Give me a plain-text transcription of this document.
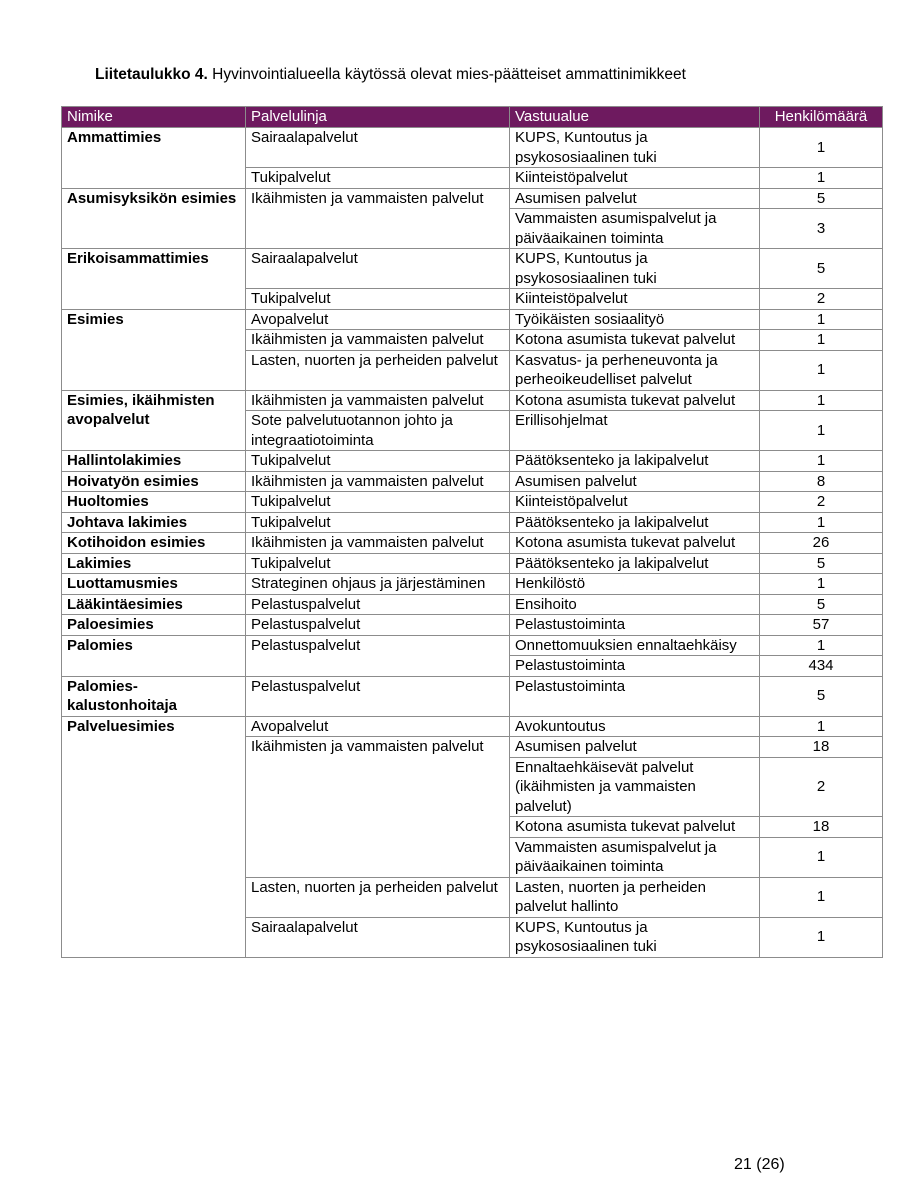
Liitetaulukko 4. Hyvinvointialueella käytössä olevat mies-päätteiset ammattinimikkeet
Nimike	Palvelulinja	Vastuualue	Henkilömäärä
Ammattimies	Sairaalapalvelut	KUPS, Kuntoutus ja psykososiaalinen tuki	1
	Tukipalvelut	Kiinteistöpalvelut	1
Asumisyksikön esimies	Ikäihmisten ja vammaisten palvelut	Asumisen palvelut	5
		Vammaisten asumispalvelut ja päiväaikainen toiminta	3
Erikoisammattimies	Sairaalapalvelut	KUPS, Kuntoutus ja psykososiaalinen tuki	5
	Tukipalvelut	Kiinteistöpalvelut	2
Esimies	Avopalvelut	Työikäisten sosiaalityö	1
	Ikäihmisten ja vammaisten palvelut	Kotona asumista tukevat palvelut	1
	Lasten, nuorten ja perheiden palvelut	Kasvatus- ja perheneuvonta ja perheoikeudelliset palvelut	1
Esimies, ikäihmisten avopalvelut	Ikäihmisten ja vammaisten palvelut	Kotona asumista tukevat palvelut	1
	Sote palvelutuotannon johto ja integraatiotoiminta	Erillisohjelmat	1
Hallintolakimies	Tukipalvelut	Päätöksenteko ja lakipalvelut	1
Hoivatyön esimies	Ikäihmisten ja vammaisten palvelut	Asumisen palvelut	8
Huoltomies	Tukipalvelut	Kiinteistöpalvelut	2
Johtava lakimies	Tukipalvelut	Päätöksenteko ja lakipalvelut	1
Kotihoidon esimies	Ikäihmisten ja vammaisten palvelut	Kotona asumista tukevat palvelut	26
Lakimies	Tukipalvelut	Päätöksenteko ja lakipalvelut	5
Luottamusmies	Strateginen ohjaus ja järjestäminen	Henkilöstö	1
Lääkintäesimies	Pelastuspalvelut	Ensihoito	5
Paloesimies	Pelastuspalvelut	Pelastustoiminta	57
Palomies	Pelastuspalvelut	Onnettomuuksien ennaltaehkäisy	1
		Pelastustoiminta	434
Palomies-kalustonhoitaja	Pelastuspalvelut	Pelastustoiminta	5
Palveluesimies	Avopalvelut	Avokuntoutus	1
	Ikäihmisten ja vammaisten palvelut	Asumisen palvelut	18
		Ennaltaehkäisevät palvelut (ikäihmisten ja vammaisten palvelut)	2
		Kotona asumista tukevat palvelut	18
		Vammaisten asumispalvelut ja päiväaikainen toiminta	1
	Lasten, nuorten ja perheiden palvelut	Lasten, nuorten ja perheiden palvelut hallinto	1
	Sairaalapalvelut	KUPS, Kuntoutus ja psykososiaalinen tuki	1
21 (26)
